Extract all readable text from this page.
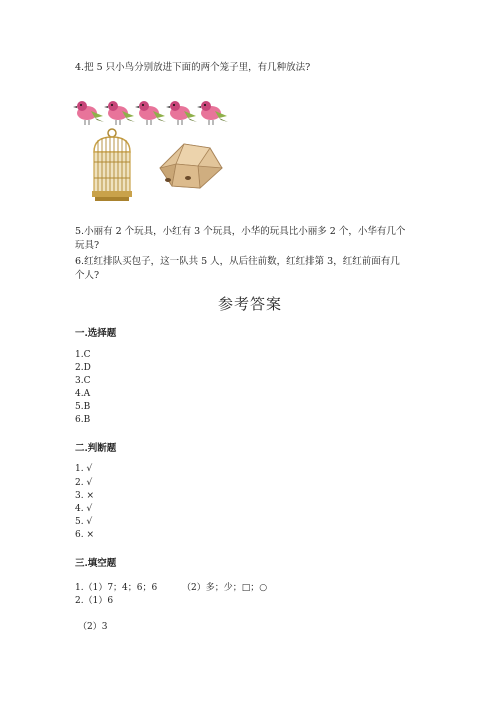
4.把 5 只小鸟分别放进下面的两个笼子里，有几种放法?
5.小丽有 2 个玩具，小红有 3 个玩具，小华的玩具比小丽多 2 个，小华有几个
玩具?
6.红红排队买包子，这一队共 5 人，从后往前数，红红排第 3，红红前面有几
个人?
参考答案
一.选择题
1.C
2.D
3.C
4.A
5.B
6.B
二.判断题
1. √
2. √
3. ×
4. √
5. √
6. ×
三.填空题
1.（1）7；4；6；6	（2）多；少；□；○
2.（1）6
（2）3
